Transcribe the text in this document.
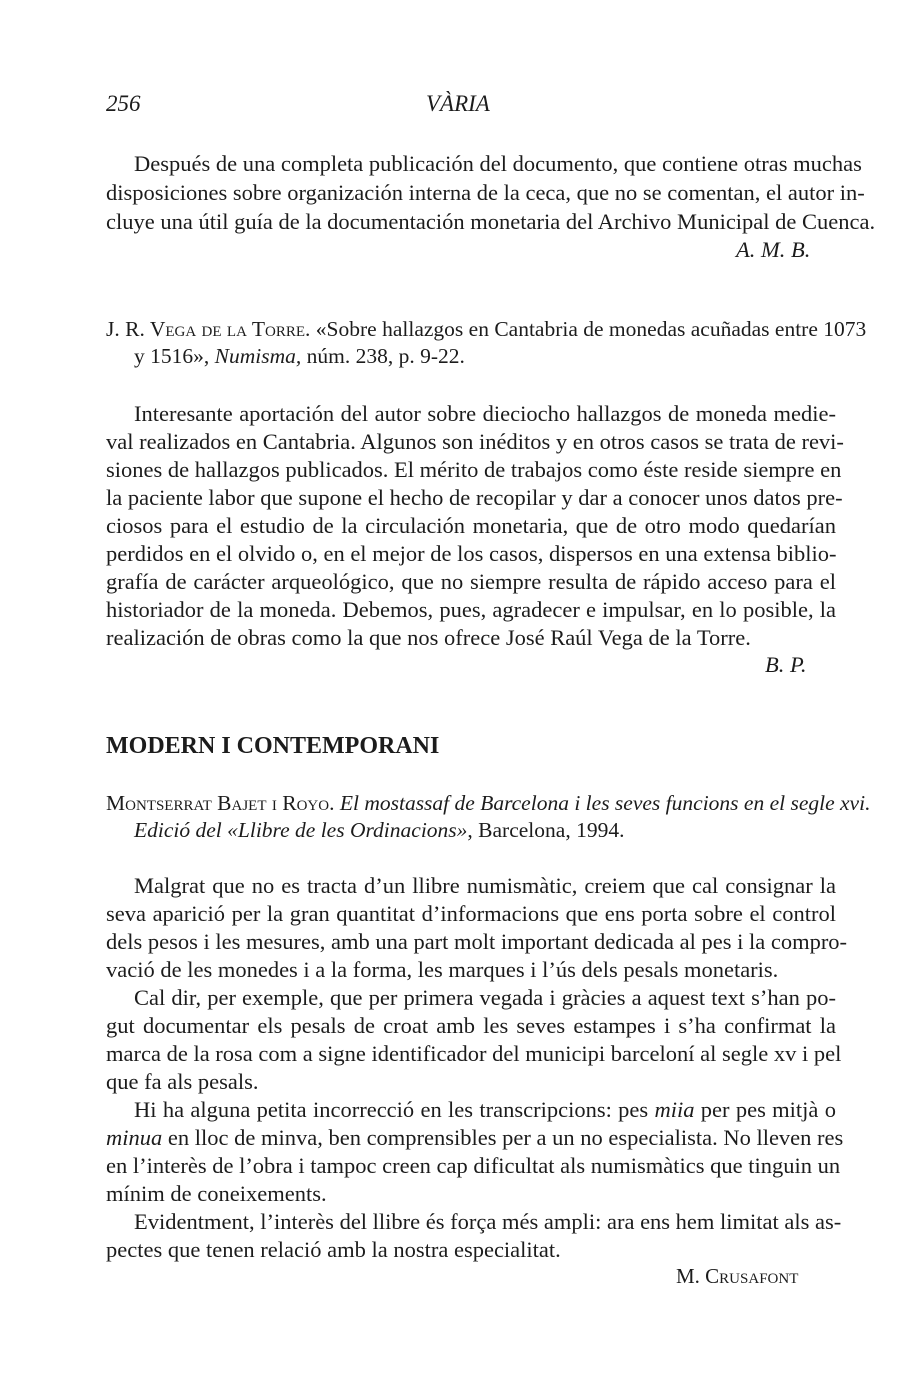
256	VÀRIA
Después de una completa publicación del documento, que contiene otras muchas
disposiciones sobre organización interna de la ceca, que no se comentan, el autor in-
cluye una útil guía de la documentación monetaria del Archivo Municipal de Cuenca.
A. M. B.
J. R. Vega de la Torre. «Sobre hallazgos en Cantabria de monedas acuñadas entre 1073
y 1516», Numisma, núm. 238, p. 9-22.
Interesante aportación del autor sobre dieciocho hallazgos de moneda medie-
val realizados en Cantabria. Algunos son inéditos y en otros casos se trata de revi-
siones de hallazgos publicados. El mérito de trabajos como éste reside siempre en
la paciente labor que supone el hecho de recopilar y dar a conocer unos datos pre-
ciosos para el estudio de la circulación monetaria, que de otro modo quedarían
perdidos en el olvido o, en el mejor de los casos, dispersos en una extensa biblio-
grafía de carácter arqueológico, que no siempre resulta de rápido acceso para el
historiador de la moneda. Debemos, pues, agradecer e impulsar, en lo posible, la
realización de obras como la que nos ofrece José Raúl Vega de la Torre.
B. P.
MODERN I CONTEMPORANI
Montserrat Bajet i Royo. El mostassaf de Barcelona i les seves funcions en el segle xvi.
Edició del «Llibre de les Ordinacions», Barcelona, 1994.
Malgrat que no es tracta d’un llibre numismàtic, creiem que cal consignar la
seva aparició per la gran quantitat d’informacions que ens porta sobre el control
dels pesos i les mesures, amb una part molt important dedicada al pes i la compro-
vació de les monedes i a la forma, les marques i l’ús dels pesals monetaris.
Cal dir, per exemple, que per primera vegada i gràcies a aquest text s’han po-
gut documentar els pesals de croat amb les seves estampes i s’ha confirmat la
marca de la rosa com a signe identificador del municipi barceloní al segle xv i pel
que fa als pesals.
Hi ha alguna petita incorrecció en les transcripcions: pes miia per pes mitjà o
minua en lloc de minva, ben comprensibles per a un no especialista. No lleven res
en l’interès de l’obra i tampoc creen cap dificultat als numismàtics que tinguin un
mínim de coneixements.
Evidentment, l’interès del llibre és força més ampli: ara ens hem limitat als as-
pectes que tenen relació amb la nostra especialitat.
M. Crusafont
